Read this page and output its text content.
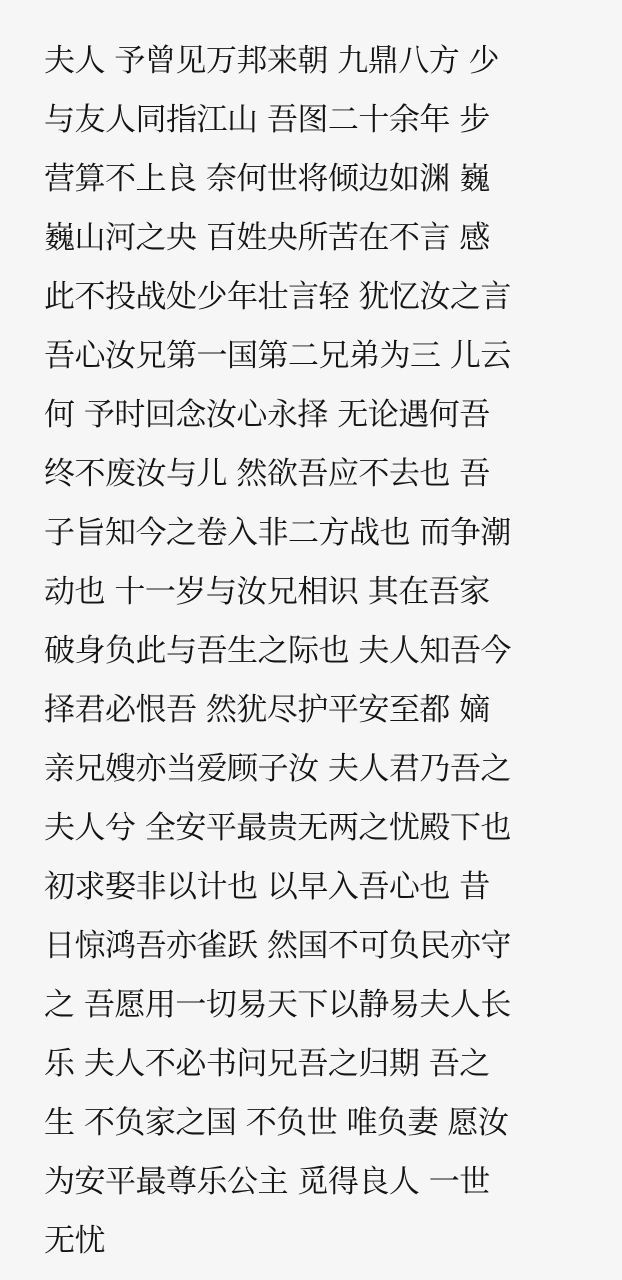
夫人 予曾见万邦来朝 九鼎八方 少
与友人同指江山 吾图二十余年 步
营算不上良 奈何世将倾边如渊 巍
巍山河之央 百姓央所苦在不言 感
此不投战处少年壮言轻 犹忆汝之言
吾心汝兄第一国第二兄弟为三 儿云
何 予时回念汝心永择 无论遇何吾
终不废汝与儿 然欲吾应不去也 吾
子旨知今之卷入非二方战也 而争潮
动也 十一岁与汝兄相识 其在吾家
破身负此与吾生之际也 夫人知吾今
择君必恨吾 然犹尽护平安至都 嫡
亲兄嫂亦当爱顾子汝 夫人君乃吾之
夫人兮 全安平最贵无两之忧殿下也
初求娶非以计也 以早入吾心也 昔
日惊鸿吾亦雀跃 然国不可负民亦守
之 吾愿用一切易天下以静易夫人长
乐 夫人不必书问兄吾之归期 吾之
生 不负家之国 不负世 唯负妻 愿汝
为安平最尊乐公主 觅得良人 一世
无忧
